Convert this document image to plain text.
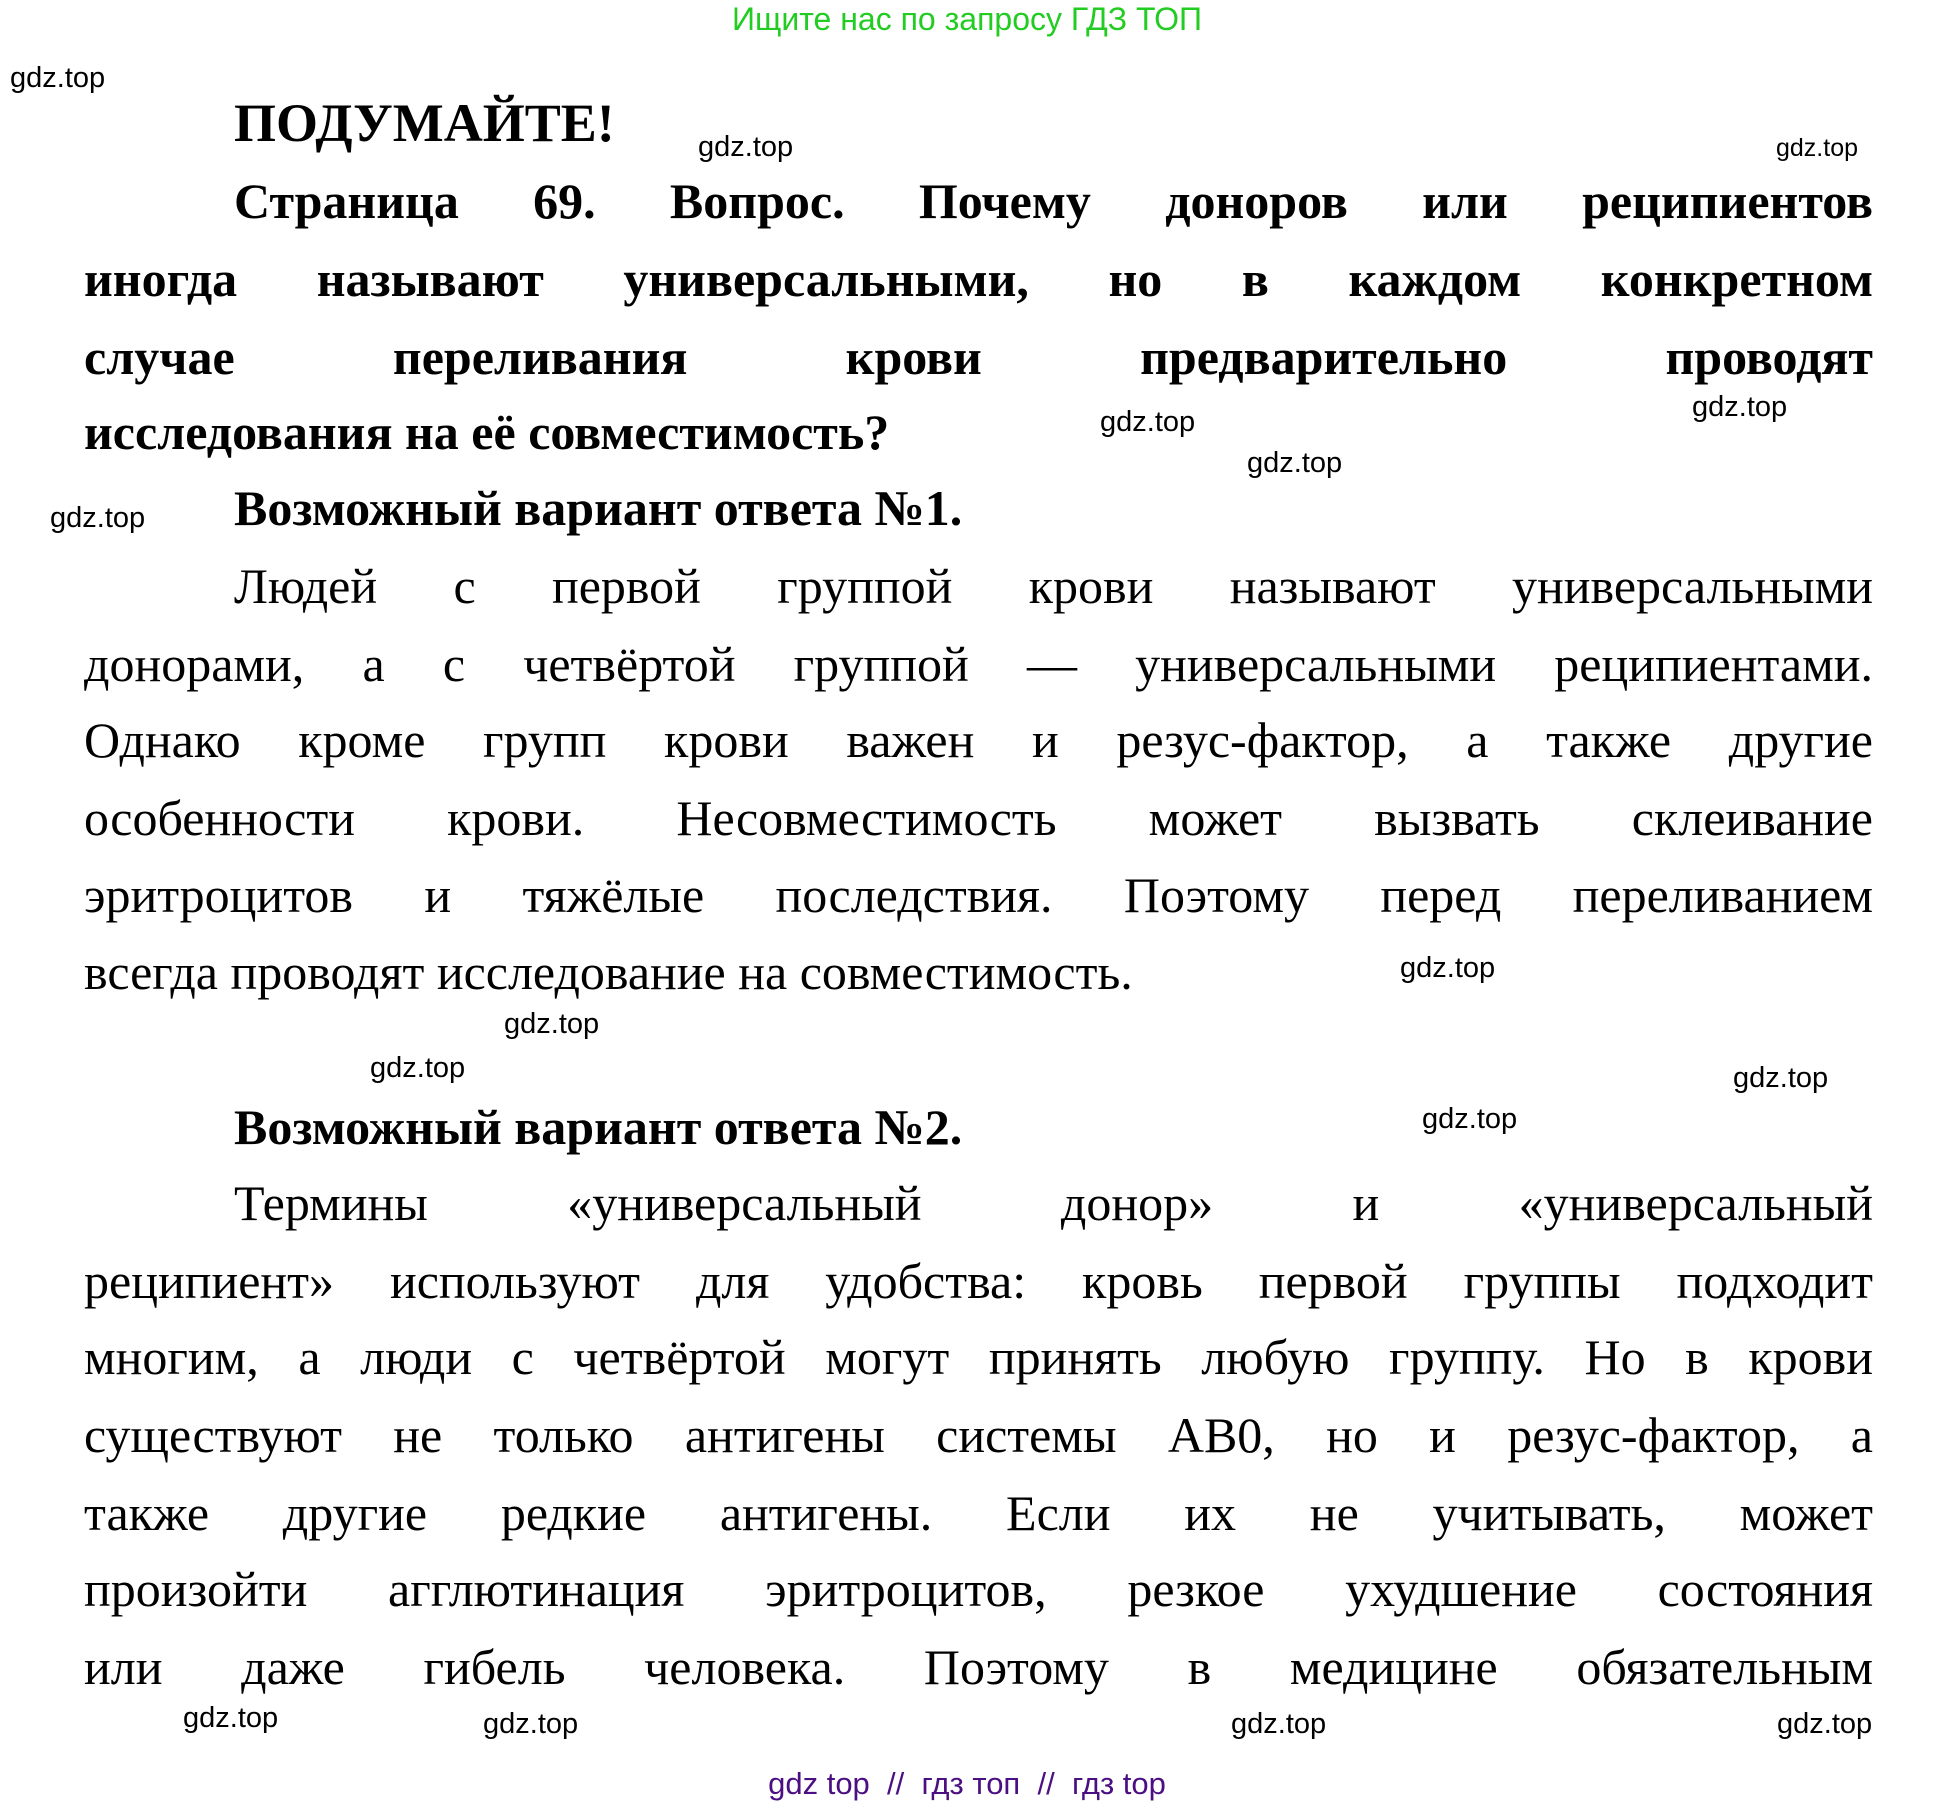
Ищите нас по запросу ГДЗ ТОП
ПОДУМАЙТЕ!
Страница 69. Вопрос. Почему доноров или реципиентов
иногда называют универсальными, но в каждом конкретном
случае переливания крови предварительно проводят
исследования на её совместимость?
Возможный вариант ответа №1.
Людей с первой группой крови называют универсальными
донорами, а с четвёртой группой — универсальными реципиентами.
Однако кроме групп крови важен и резус-фактор, а также другие
особенности крови. Несовместимость может вызвать склеивание
эритроцитов и тяжёлые последствия. Поэтому перед переливанием
всегда проводят исследование на совместимость.
Возможный вариант ответа №2.
Термины «универсальный донор» и «универсальный
реципиент» используют для удобства: кровь первой группы подходит
многим, а люди с четвёртой могут принять любую группу. Но в крови
существуют не только антигены системы АВ0, но и резус-фактор, а
также другие редкие антигены. Если их не учитывать, может
произойти агглютинация эритроцитов, резкое ухудшение состояния
или даже гибель человека. Поэтому в медицине обязательным
gdz.top
gdz.top	gdz.top
gdz.top	gdz.top
gdz.top
gdz.top
gdz.top
gdz.top
gdz.top
gdz.top
gdz.top
gdz.top	gdz.top	gdz.top
gdz.top
gdz top // гдз топ // гдз top
